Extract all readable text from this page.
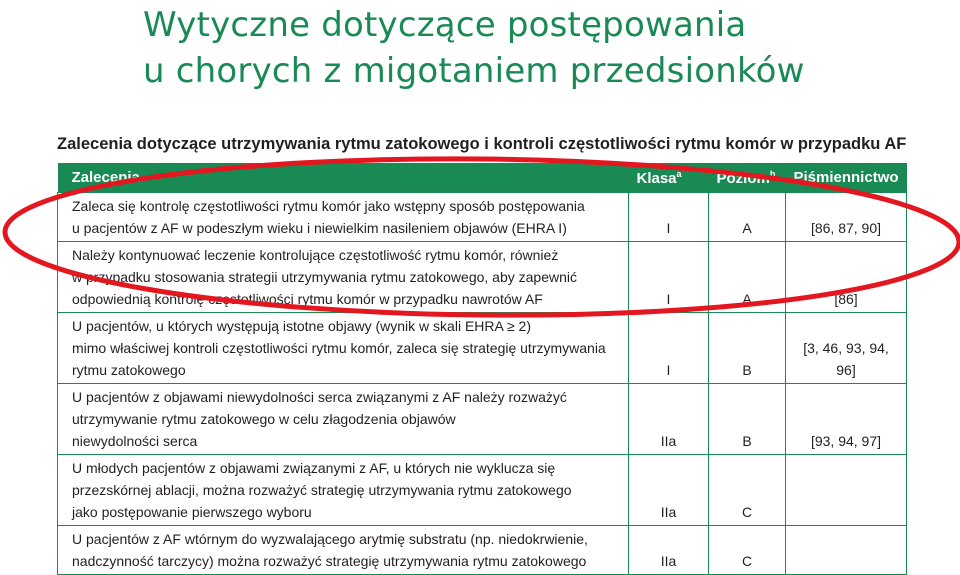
Wytyczne dotyczące postępowania
u chorych z migotaniem przedsionków
Zalecenia dotyczące utrzymywania rytmu zatokowego i kontroli częstotliwości rytmu komór w przypadku AF
Zalecenia	Klasa$^a$	Poziom$^b$	Piśmiennictwo
Zaleca się kontrolę częstotliwości rytmu komór jako wstępny sposób postępowania
u pacjentów z AF w podeszłym wieku i niewielkim nasileniem objawów (EHRA I)	I	A	[86, 87, 90]
Należy kontynuować leczenie kontrolujące częstotliwość rytmu komór, również
w przypadku stosowania strategii utrzymywania rytmu zatokowego, aby zapewnić
odpowiednią kontrolę częstotliwości rytmu komór w przypadku nawrotów AF	I	A	[86]
U pacjentów, u których występują istotne objawy (wynik w skali EHRA ≥ 2)
mimo właściwej kontroli częstotliwości rytmu komór, zaleca się strategię utrzymywania
rytmu zatokowego	I	B	[3, 46, 93, 94, 96]
U pacjentów z objawami niewydolności serca związanymi z AF należy rozważyć
utrzymywanie rytmu zatokowego w celu złagodzenia objawów
niewydolności serca	IIa	B	[93, 94, 97]
U młodych pacjentów z objawami związanymi z AF, u których nie wyklucza się
przezskórnej ablacji, można rozważyć strategię utrzymywania rytmu zatokowego
jako postępowanie pierwszego wyboru	IIa	C	
U pacjentów z AF wtórnym do wyzwalającego arytmię substratu (np. niedokrwienie,
nadczynność tarczycy) można rozważyć strategię utrzymywania rytmu zatokowego	IIa	C	
